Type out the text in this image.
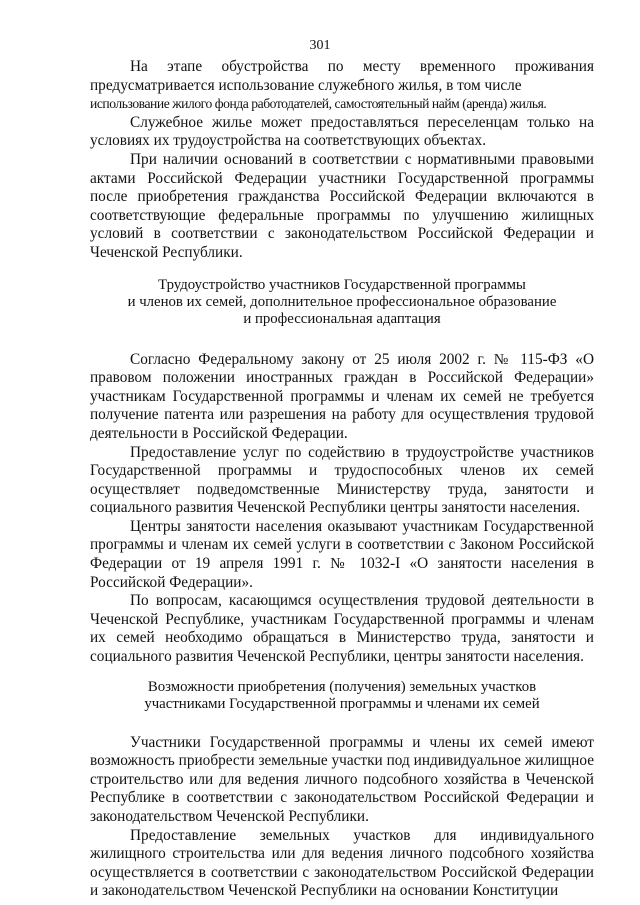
301

На этапе обустройства по месту временного проживания предусматривается использование служебного жилья, в том числе

использование жилого фонда работодателей, самостоятельный найм (аренда) жилья.

Служебное жилье может предоставляться переселенцам только на условиях их трудоустройства на соответствующих объектах.

При наличии оснований в соответствии с нормативными правовыми актами Российской Федерации участники Государственной программы после приобретения гражданства Российской Федерации включаются в соответствующие федеральные программы по улучшению жилищных условий в соответствии с законодательством Российской Федерации и Чеченской Республики.

Трудоустройство участников Государственной программы
и членов их семей, дополнительное профессиональное образование
и профессиональная адаптация

Согласно Федеральному закону от 25 июля 2002 г. № 115-ФЗ «О правовом положении иностранных граждан в Российской Федерации» участникам Государственной программы и членам их семей не требуется получение патента или разрешения на работу для осуществления трудовой деятельности в Российской Федерации.

Предоставление услуг по содействию в трудоустройстве участников Государственной программы и трудоспособных членов их семей осуществляет подведомственные Министерству труда, занятости и социального развития Чеченской Республики центры занятости населения.

Центры занятости населения оказывают участникам Государственной программы и членам их семей услуги в соответствии с Законом Российской Федерации от 19 апреля 1991 г. № 1032-I «О занятости населения в Российской Федерации».

По вопросам, касающимся осуществления трудовой деятельности в Чеченской Республике, участникам Государственной программы и членам их семей необходимо обращаться в Министерство труда, занятости и социального развития Чеченской Республики, центры занятости населения.

Возможности приобретения (получения) земельных участков
участниками Государственной программы и членами их семей

Участники Государственной программы и члены их семей имеют возможность приобрести земельные участки под индивидуальное жилищное строительство или для ведения личного подсобного хозяйства в Чеченской Республике в соответствии с законодательством Российской Федерации и законодательством Чеченской Республики.

Предоставление земельных участков для индивидуального жилищного строительства или для ведения личного подсобного хозяйства осуществляется в соответствии с законодательством Российской Федерации и законодательством Чеченской Республики на основании Конституции
